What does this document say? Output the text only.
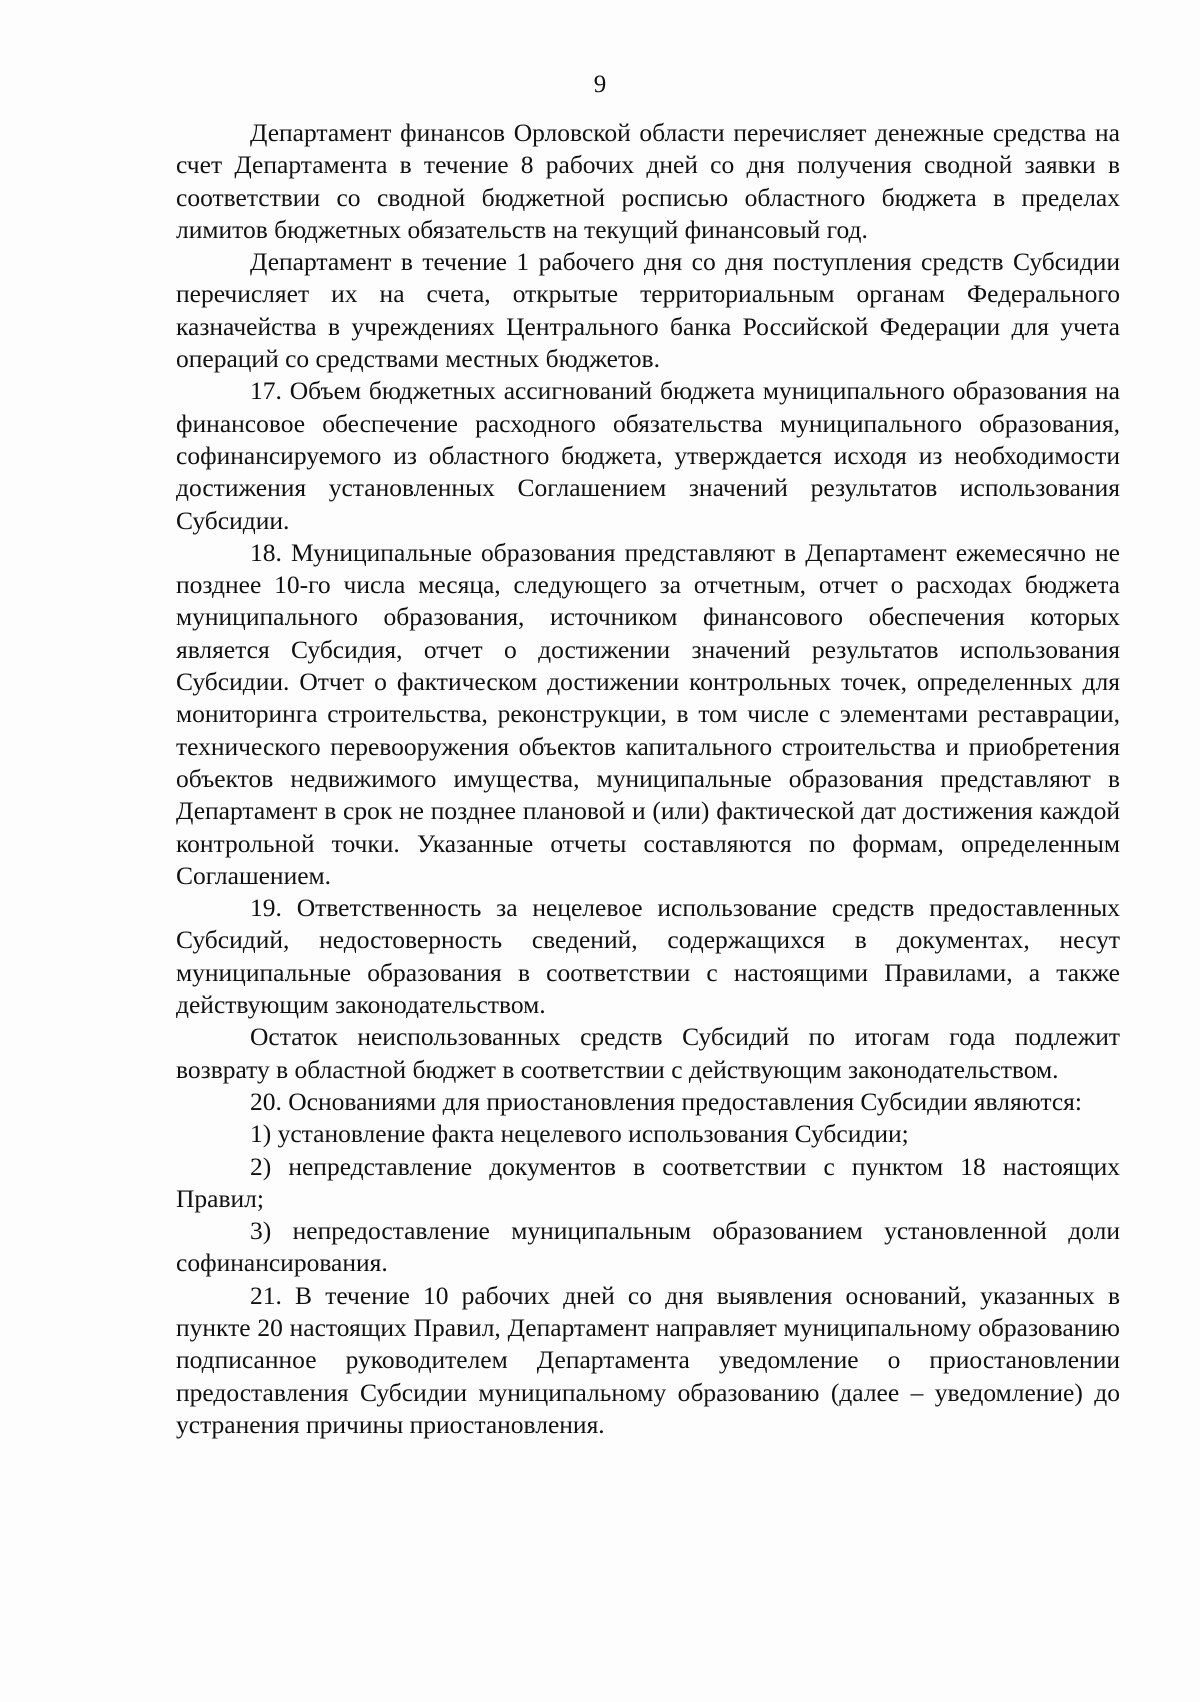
9

Департамент финансов Орловской области перечисляет денежные средства на счет Департамента в течение 8 рабочих дней со дня получения сводной заявки в соответствии со сводной бюджетной росписью областного бюджета в пределах лимитов бюджетных обязательств на текущий финансовый год.

Департамент в течение 1 рабочего дня со дня поступления средств Субсидии перечисляет их на счета, открытые территориальным органам Федерального казначейства в учреждениях Центрального банка Российской Федерации для учета операций со средствами местных бюджетов.

17. Объем бюджетных ассигнований бюджета муниципального образования на финансовое обеспечение расходного обязательства муниципального образования, софинансируемого из областного бюджета, утверждается исходя из необходимости достижения установленных Соглашением значений результатов использования Субсидии.

18. Муниципальные образования представляют в Департамент ежемесячно не позднее 10-го числа месяца, следующего за отчетным, отчет о расходах бюджета муниципального образования, источником финансового обеспечения которых является Субсидия, отчет о достижении значений результатов использования Субсидии. Отчет о фактическом достижении контрольных точек, определенных для мониторинга строительства, реконструкции, в том числе с элементами реставрации, технического перевооружения объектов капитального строительства и приобретения объектов недвижимого имущества, муниципальные образования представляют в Департамент в срок не позднее плановой и (или) фактической дат достижения каждой контрольной точки. Указанные отчеты составляются по формам, определенным Соглашением.

19. Ответственность за нецелевое использование средств предоставленных Субсидий, недостоверность сведений, содержащихся в документах, несут муниципальные образования в соответствии с настоящими Правилами, а также действующим законодательством.

Остаток неиспользованных средств Субсидий по итогам года подлежит возврату в областной бюджет в соответствии с действующим законодательством.

20. Основаниями для приостановления предоставления Субсидии являются:

1) установление факта нецелевого использования Субсидии;

2) непредставление документов в соответствии с пунктом 18 настоящих Правил;

3) непредоставление муниципальным образованием установленной доли софинансирования.

21. В течение 10 рабочих дней со дня выявления оснований, указанных в пункте 20 настоящих Правил, Департамент направляет муниципальному образованию подписанное руководителем Департамента уведомление о приостановлении предоставления Субсидии муниципальному образованию (далее – уведомление) до устранения причины приостановления.
